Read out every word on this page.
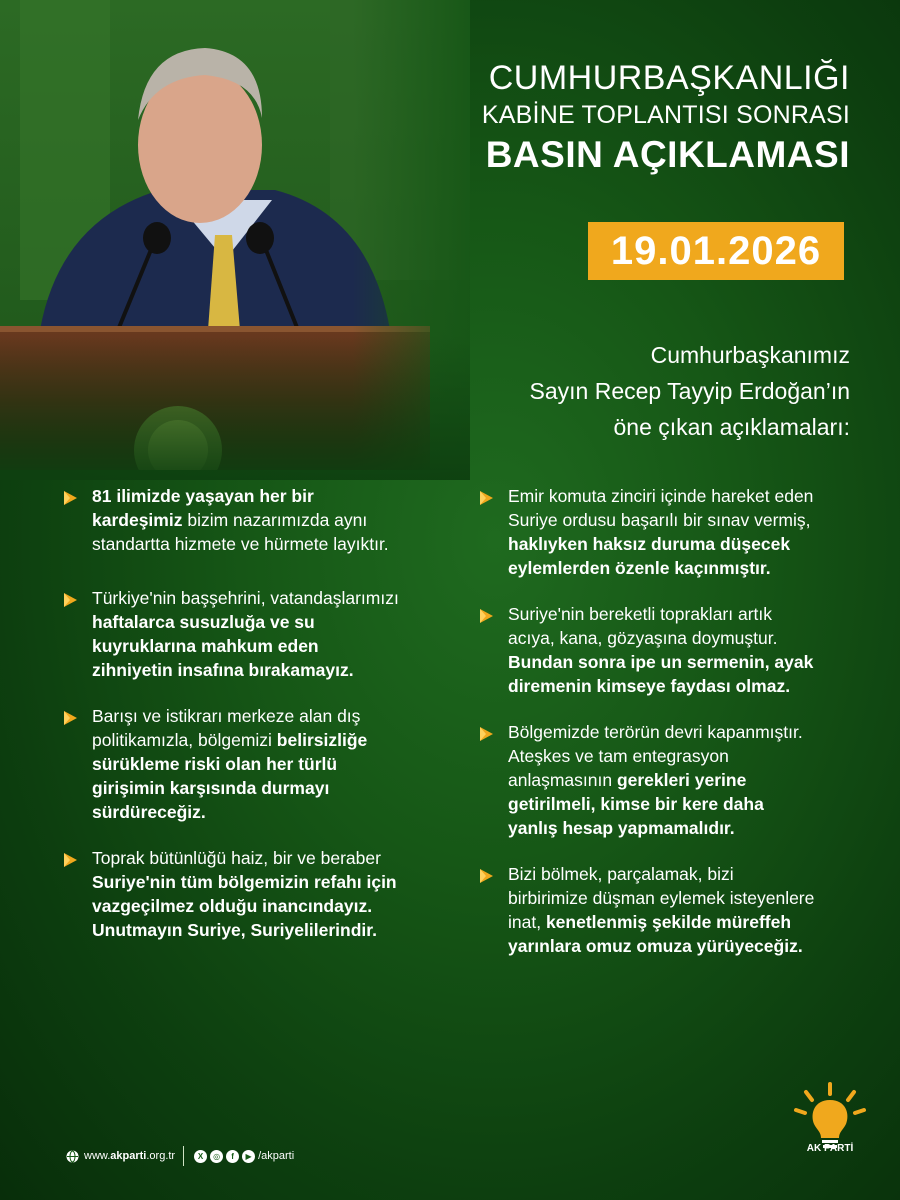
CUMHURBAŞKANLIĞI
KABİNE TOPLANTISI SONRASI
BASIN AÇIKLAMASI
19.01.2026
Cumhurbaşkanımız
Sayın Recep Tayyip Erdoğan’ın
öne çıkan açıklamaları:
81 ilimizde yaşayan her bir kardeşimiz bizim nazarımızda aynı standartta hizmete ve hürmete layıktır.
Türkiye'nin başşehrini, vatandaşlarımızı haftalarca susuzluğa ve su kuyruklarına mahkum eden zihniyetin insafına bırakamayız.
Barışı ve istikrarı merkeze alan dış politikamızla, bölgemizi belirsizliğe sürükleme riski olan her türlü girişimin karşısında durmayı sürdüreceğiz.
Toprak bütünlüğü haiz, bir ve beraber Suriye'nin tüm bölgemizin refahı için vazgeçilmez olduğu inancındayız. Unutmayın Suriye, Suriyelilerindir.
Emir komuta zinciri içinde hareket eden Suriye ordusu başarılı bir sınav vermiş, haklıyken haksız duruma düşecek eylemlerden özenle kaçınmıştır.
Suriye'nin bereketli toprakları artık acıya, kana, gözyaşına doymuştur. Bundan sonra ipe un sermenin, ayak diremenin kimseye faydası olmaz.
Bölgemizde terörün devri kapanmıştır. Ateşkes ve tam entegrasyon anlaşmasının gerekleri yerine getirilmeli, kimse bir kere daha yanlış hesap yapmamalıdır.
Bizi bölmek, parçalamak, bizi birbirimize düşman eylemek isteyenlere inat, kenetlenmiş şekilde müreffeh yarınlara omuz omuza yürüyeceğiz.
www.akparti.org.tr	X	◎	f	▶ /akparti
AK PARTİ
